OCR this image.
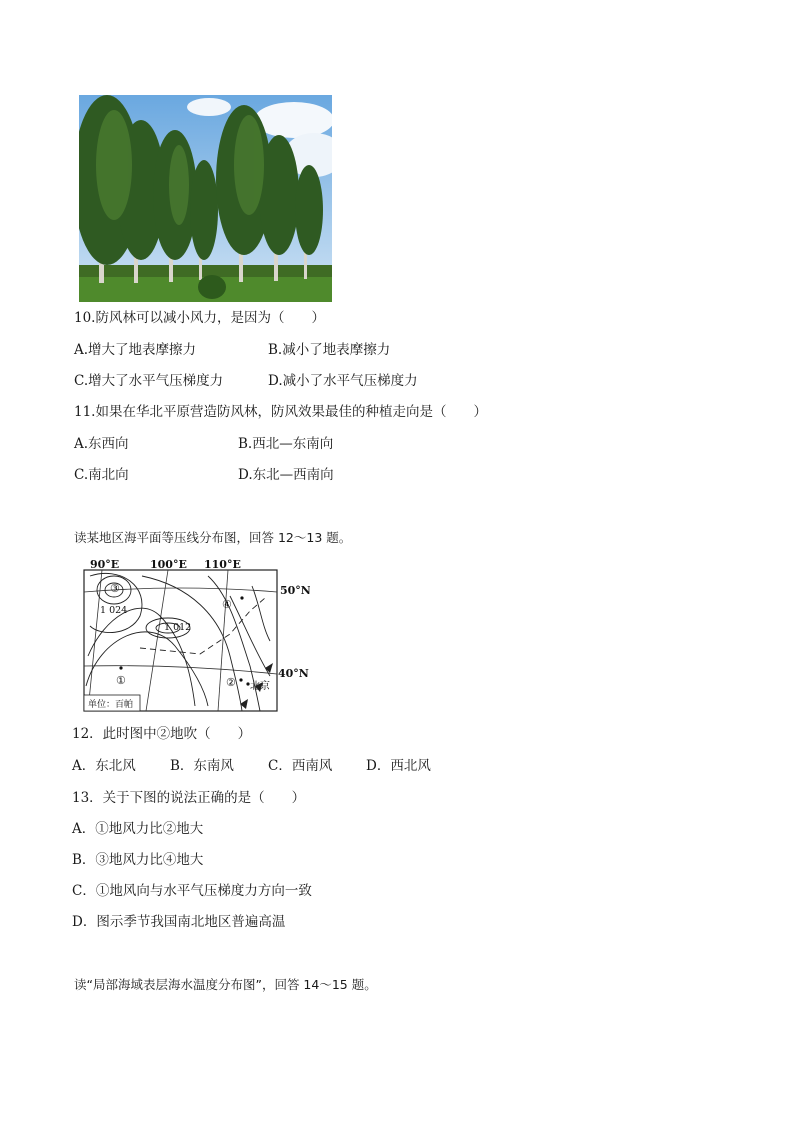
10.防风林可以减小风力，是因为（　　）
A.增大了地表摩擦力	B.减小了地表摩擦力
C.增大了水平气压梯度力	D.减小了水平气压梯度力
11.如果在华北平原营造防风林，防风效果最佳的种植走向是（　　）
A.东西向	B.西北—东南向
C.南北向	D.东北—西南向
读某地区海平面等压线分布图，回答 12～13 题。
90°E	100°E 110°E
50°N
40°N
1 024
1 012
③
④
①	② 北京
单位：百帕
12．此时图中②地吹（　　）
A．东北风	B．东南风	C．西南风 D．西北风
13．关于下图的说法正确的是（　　）
A．①地风力比②地大
B．③地风力比④地大
C．①地风向与水平气压梯度力方向一致
D．图示季节我国南北地区普遍高温
读“局部海域表层海水温度分布图”，回答 14～15 题。
